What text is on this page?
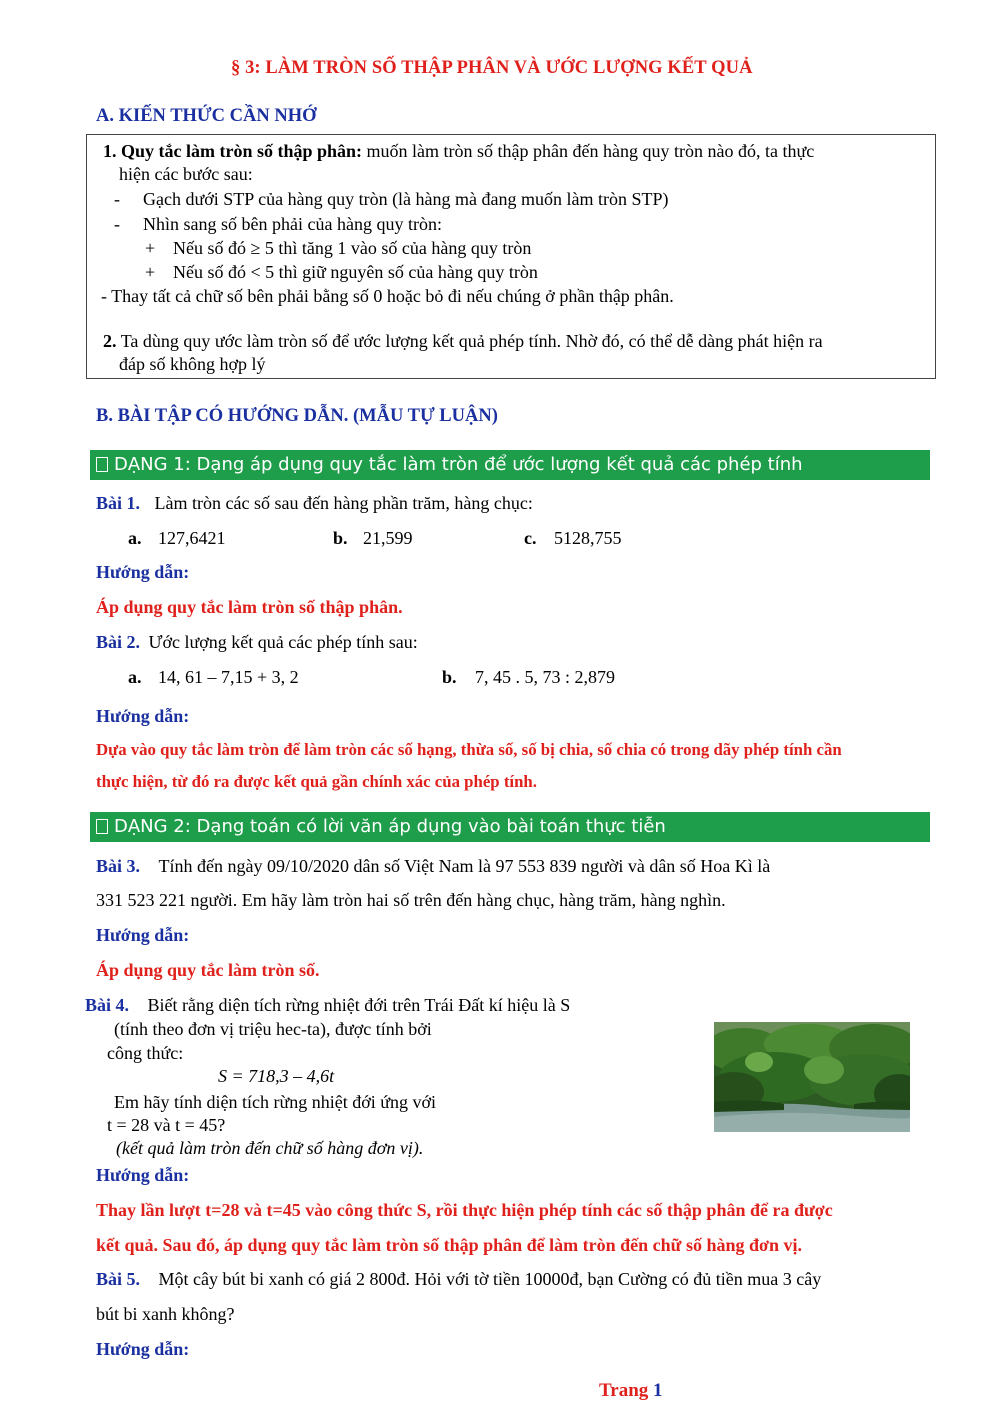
§ 3: LÀM TRÒN SỐ THẬP PHÂN VÀ ƯỚC LƯỢNG KẾT QUẢ
A. KIẾN THỨC CẦN NHỚ
1. Quy tắc làm tròn số thập phân: muốn làm tròn số thập phân đến hàng quy tròn nào đó, ta thực
hiện các bước sau:
- Gạch dưới STP của hàng quy tròn (là hàng mà đang muốn làm tròn STP)
- Nhìn sang số bên phải của hàng quy tròn:
+ Nếu số đó ≥ 5 thì tăng 1 vào số của hàng quy tròn
+ Nếu số đó < 5 thì giữ nguyên số của hàng quy tròn
- Thay tất cả chữ số bên phải bằng số 0 hoặc bỏ đi nếu chúng ở phần thập phân.
2. Ta dùng quy ước làm tròn số để ước lượng kết quả phép tính. Nhờ đó, có thể dễ dàng phát hiện ra
đáp số không hợp lý
B. BÀI TẬP CÓ HƯỚNG DẪN. (MẪU TỰ LUẬN)
DẠNG 1: Dạng áp dụng quy tắc làm tròn để ước lượng kết quả các phép tính
Bài 1. Làm tròn các số sau đến hàng phần trăm, hàng chục:
a. 127,6421	b. 21,599	c. 5128,755
Hướng dẫn:
Áp dụng quy tắc làm tròn số thập phân.
Bài 2. Ước lượng kết quả các phép tính sau:
a. 14, 61 – 7,15 + 3, 2	b. 7, 45 . 5, 73 : 2,879
Hướng dẫn:
Dựa vào quy tắc làm tròn để làm tròn các số hạng, thừa số, số bị chia, số chia có trong dãy phép tính cần
thực hiện, từ đó ra được kết quả gần chính xác của phép tính.
DẠNG 2: Dạng toán có lời văn áp dụng vào bài toán thực tiễn
Bài 3. Tính đến ngày 09/10/2020 dân số Việt Nam là 97 553 839 người và dân số Hoa Kì là
331 523 221 người. Em hãy làm tròn hai số trên đến hàng chục, hàng trăm, hàng nghìn.
Hướng dẫn:
Áp dụng quy tắc làm tròn số.
Bài 4. Biết rằng diện tích rừng nhiệt đới trên Trái Đất kí hiệu là S
(tính theo đơn vị triệu hec-ta), được tính bởi
công thức:
S = 718,3 – 4,6t
Em hãy tính diện tích rừng nhiệt đới ứng với
t = 28 và t = 45?
(kết quả làm tròn đến chữ số hàng đơn vị).
Hướng dẫn:
Thay lần lượt t=28 và t=45 vào công thức S, rồi thực hiện phép tính các số thập phân để ra được
kết quả. Sau đó, áp dụng quy tắc làm tròn số thập phân để làm tròn đến chữ số hàng đơn vị.
Bài 5. Một cây bút bi xanh có giá 2 800đ. Hỏi với tờ tiền 10000đ, bạn Cường có đủ tiền mua 3 cây
bút bi xanh không?
Hướng dẫn:
Trang 1
